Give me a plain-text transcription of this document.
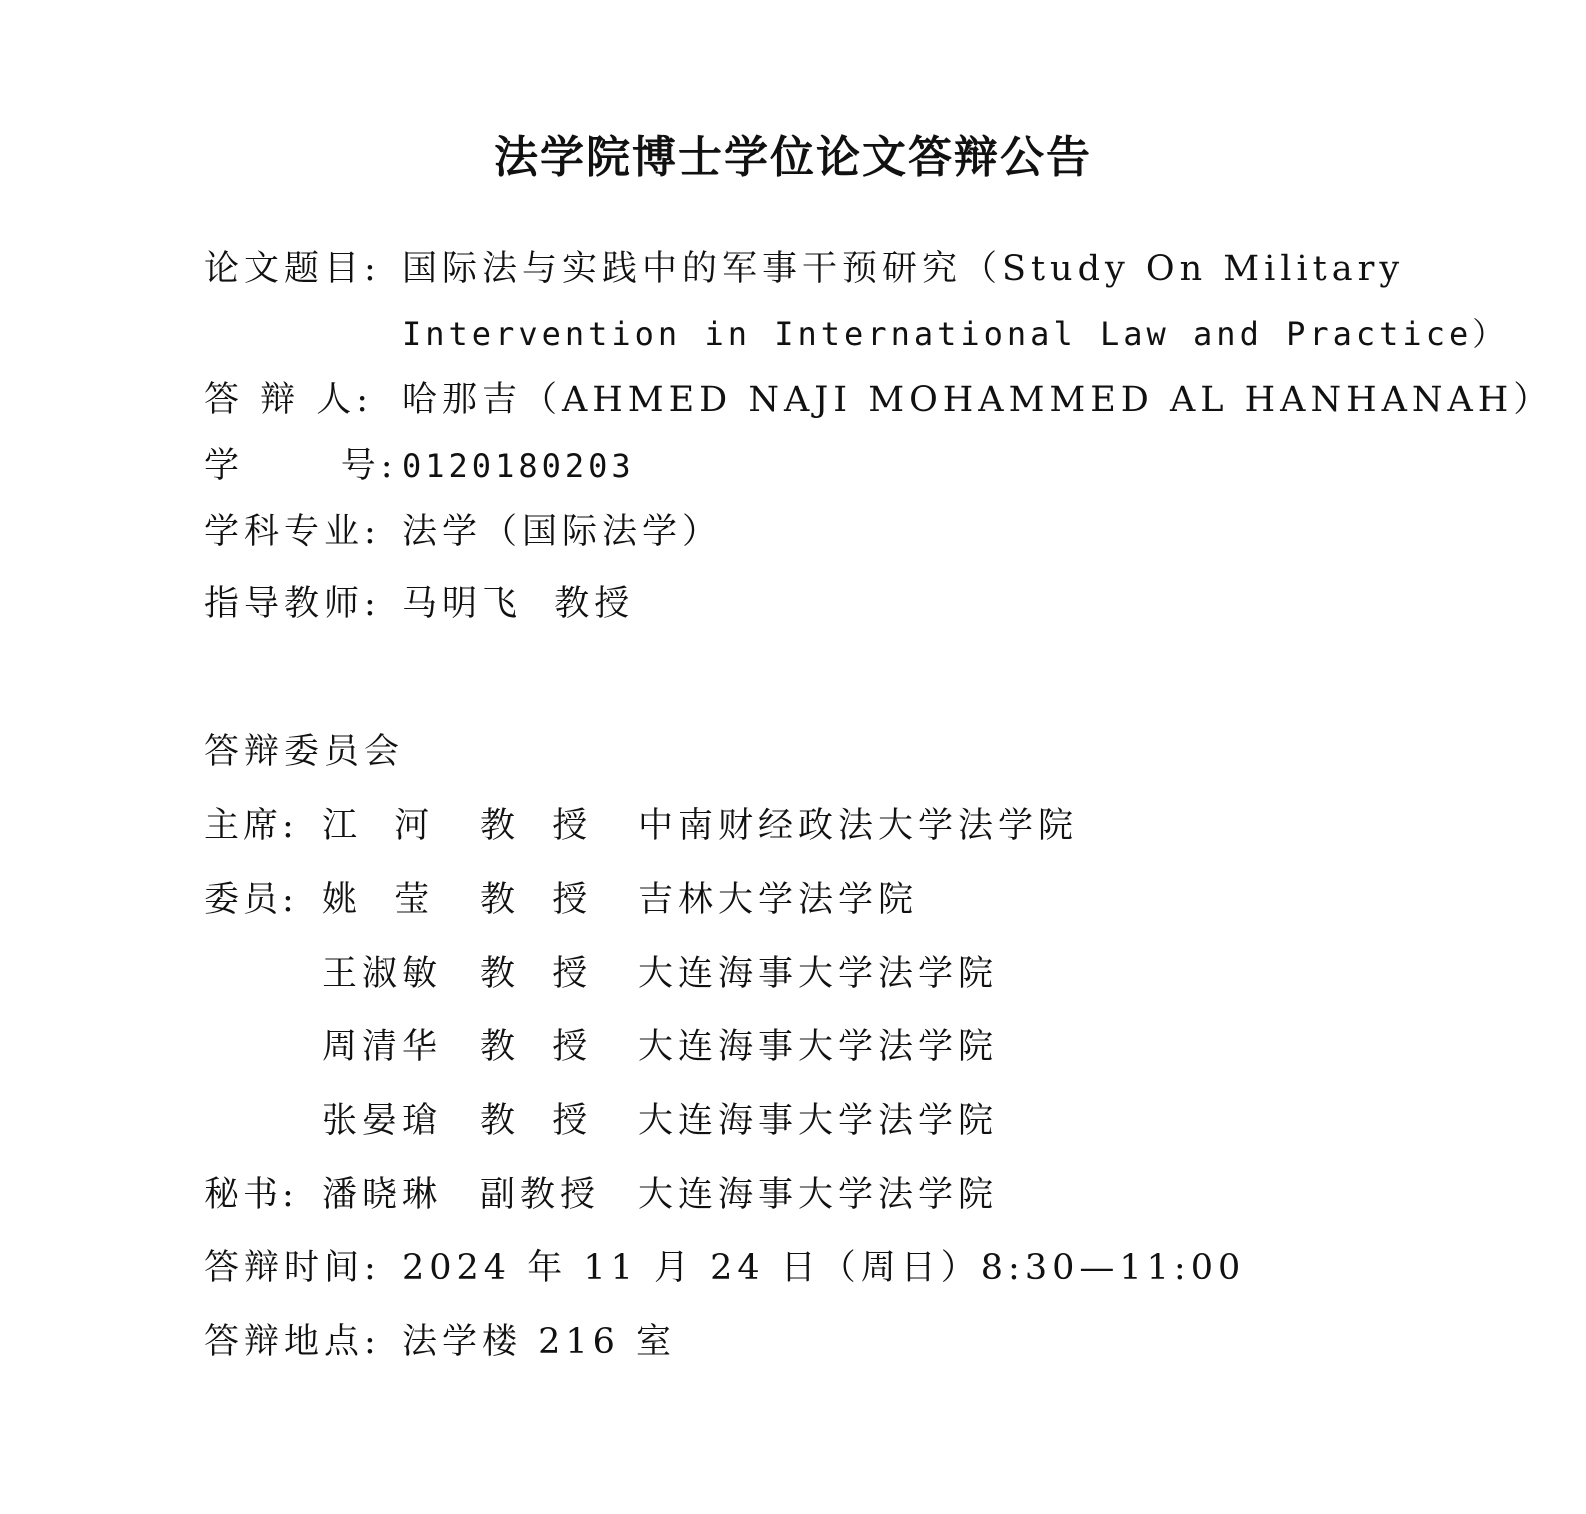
法学院博士学位论文答辩公告
论文题目: 国际法与实践中的军事干预研究（Study On Military
Intervention in International Law and Practice）
答 辩 人: 哈那吉（AHMED NAJI MOHAMMED AL HANHANAH）
学      号: 0120180203
学科专业: 法学（国际法学）
指导教师: 马明飞  教授
答辩委员会
主席: 江  河 教  授 中南财经政法大学法学院
委员: 姚  莹 教  授 吉林大学法学院
王淑敏 教  授 大连海事大学法学院
周清华 教  授 大连海事大学法学院
张晏瑲 教  授 大连海事大学法学院
秘书: 潘晓琳 副教授 大连海事大学法学院
答辩时间: 2024 年 11 月 24 日（周日）8:30—11:00
答辩地点: 法学楼 216 室
